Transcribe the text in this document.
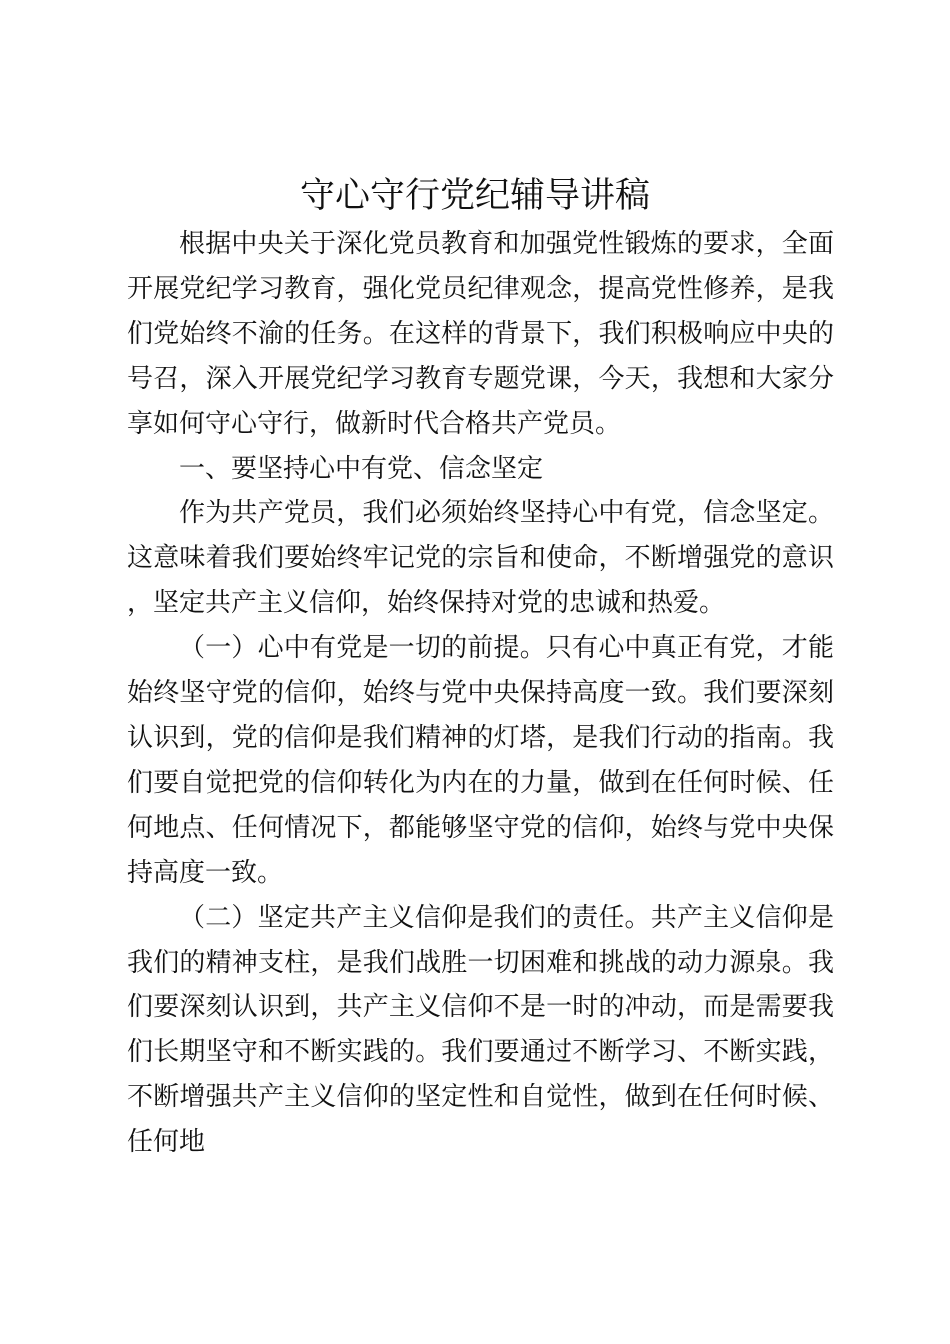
守心守行党纪辅导讲稿

根据中央关于深化党员教育和加强党性锻炼的要求，全面开展党纪学习教育，强化党员纪律观念，提高党性修养，是我们党始终不渝的任务。在这样的背景下，我们积极响应中央的号召，深入开展党纪学习教育专题党课，今天，我想和大家分享如何守心守行，做新时代合格共产党员。

一、要坚持心中有党、信念坚定

作为共产党员，我们必须始终坚持心中有党，信念坚定。这意味着我们要始终牢记党的宗旨和使命，不断增强党的意识，坚定共产主义信仰，始终保持对党的忠诚和热爱。

（一）心中有党是一切的前提。只有心中真正有党，才能始终坚守党的信仰，始终与党中央保持高度一致。我们要深刻认识到，党的信仰是我们精神的灯塔，是我们行动的指南。我们要自觉把党的信仰转化为内在的力量，做到在任何时候、任何地点、任何情况下，都能够坚守党的信仰，始终与党中央保持高度一致。

（二）坚定共产主义信仰是我们的责任。共产主义信仰是我们的精神支柱，是我们战胜一切困难和挑战的动力源泉。我们要深刻认识到，共产主义信仰不是一时的冲动，而是需要我们长期坚守和不断实践的。我们要通过不断学习、不断实践，不断增强共产主义信仰的坚定性和自觉性，做到在任何时候、任何地
